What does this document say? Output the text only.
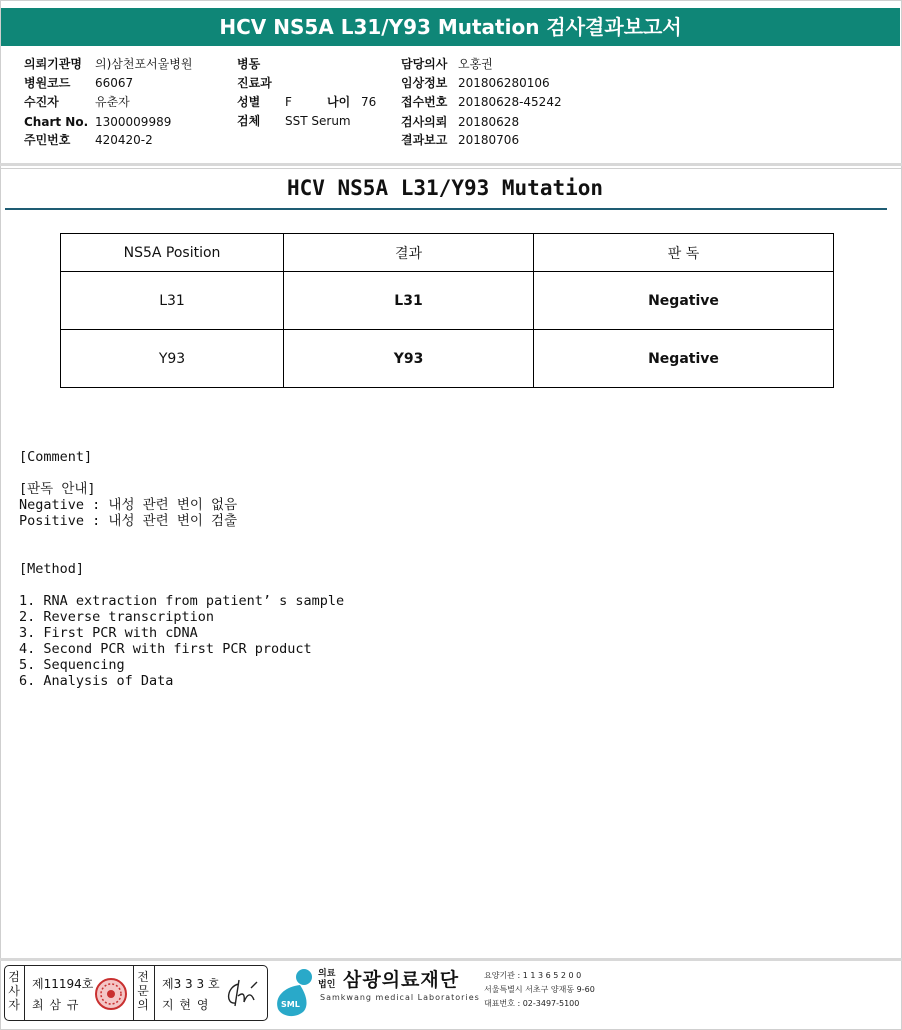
HCV NS5A L31/Y93 Mutation 검사결과보고서
의뢰기관명 의)삼천포서울병원
병원코드 66067
수진자	유춘자
Chart No. 1300009989
주민번호 420420-2
병동
진료과
성별 F	나이 76
검체 SST Serum
담당의사 오홍권
임상정보 201806280106
접수번호 20180628-45242
검사의뢰 20180628
결과보고 20180706
HCV NS5A L31/Y93 Mutation
NS5A Position	결과	판 독
L31	L31	Negative
Y93	Y93	Negative
[Comment]
[판독 안내]
Negative : 내성 관련 변이 없음
Positive : 내성 관련 변이 검출
[Method]
1. RNA extraction from patient’ s sample
2. Reverse transcription
3. First PCR with cDNA
4. Second PCR with first PCR product
5. Sequencing
6. Analysis of Data
검
사
자
제11194호
최 삼 규
전
문
의
제3 3 3 호
지 현 영	SML
의료법인 삼광의료재단
Samkwang medical Laboratories
요양기관 : 1 1 3 6 5 2 0 0
서울특별시 서초구 양재동 9-60
대표번호 : 02-3497-5100
